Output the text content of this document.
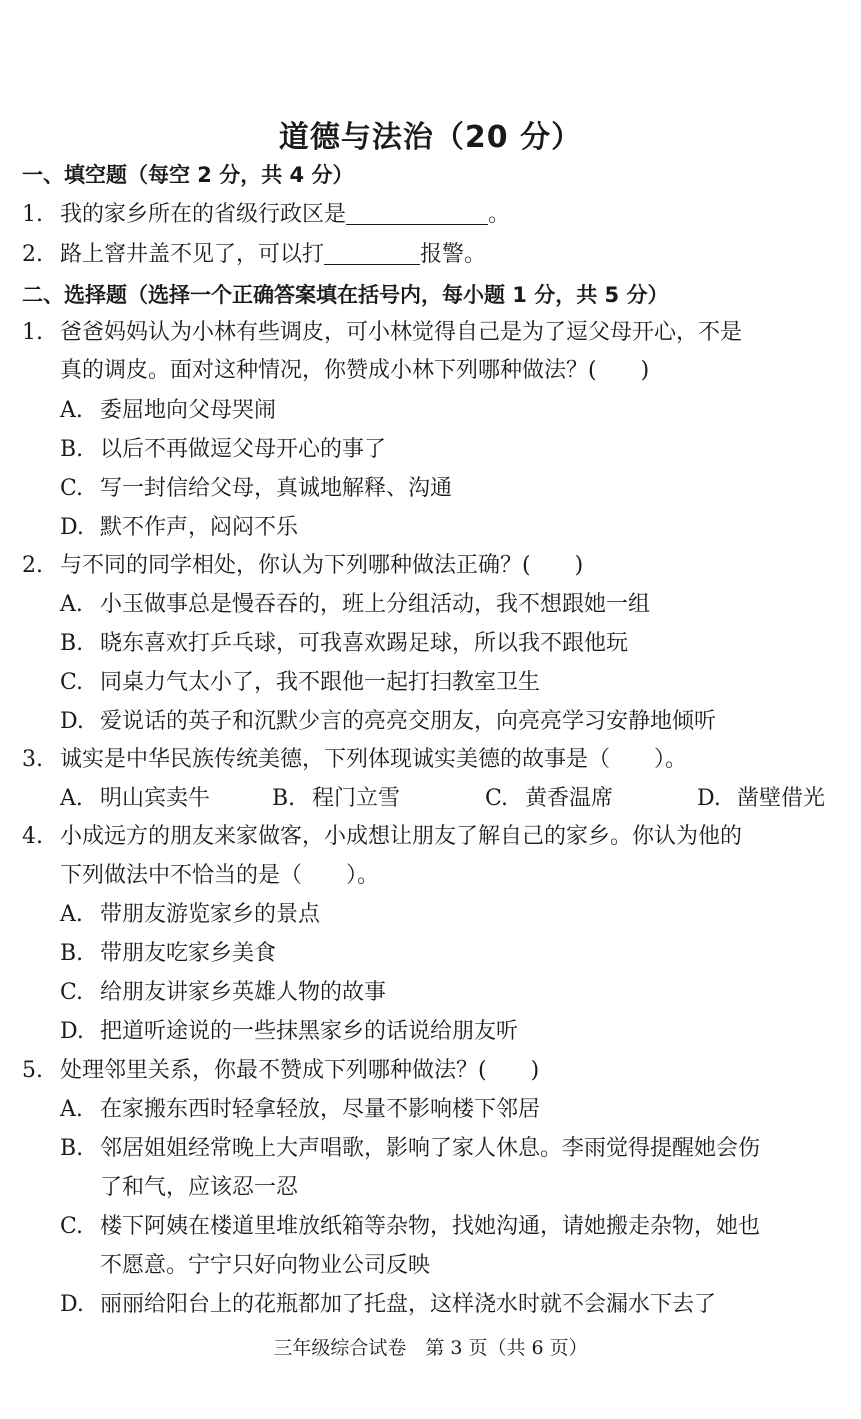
道德与法治（20 分）
一、填空题（每空 2 分，共 4 分）
1. 我的家乡所在的省级行政区是	。
2. 路上窨井盖不见了，可以打	报警。
二、选择题（选择一个正确答案填在括号内，每小题 1 分，共 5 分）
1. 爸爸妈妈认为小林有些调皮，可小林觉得自己是为了逗父母开心，不是
真的调皮。面对这种情况，你赞成小林下列哪种做法？(　　)
A. 委屈地向父母哭闹
B. 以后不再做逗父母开心的事了
C. 写一封信给父母，真诚地解释、沟通
D. 默不作声，闷闷不乐
2. 与不同的同学相处，你认为下列哪种做法正确？(　　)
A. 小玉做事总是慢吞吞的，班上分组活动，我不想跟她一组
B. 晓东喜欢打乒乓球，可我喜欢踢足球，所以我不跟他玩
C. 同桌力气太小了，我不跟他一起打扫教室卫生
D. 爱说话的英子和沉默少言的亮亮交朋友，向亮亮学习安静地倾听
3. 诚实是中华民族传统美德，下列体现诚实美德的故事是（　　）。
A. 明山宾卖牛	B. 程门立雪	C. 黄香温席	D. 凿壁借光
4. 小成远方的朋友来家做客，小成想让朋友了解自己的家乡。你认为他的
下列做法中不恰当的是（　　）。
A. 带朋友游览家乡的景点
B. 带朋友吃家乡美食
C. 给朋友讲家乡英雄人物的故事
D. 把道听途说的一些抹黑家乡的话说给朋友听
5. 处理邻里关系，你最不赞成下列哪种做法？(　　)
A. 在家搬东西时轻拿轻放，尽量不影响楼下邻居
B. 邻居姐姐经常晚上大声唱歌，影响了家人休息。李雨觉得提醒她会伤
了和气，应该忍一忍
C. 楼下阿姨在楼道里堆放纸箱等杂物，找她沟通，请她搬走杂物，她也
不愿意。宁宁只好向物业公司反映
D. 丽丽给阳台上的花瓶都加了托盘，这样浇水时就不会漏水下去了
三年级综合试卷　第 3 页（共 6 页）
